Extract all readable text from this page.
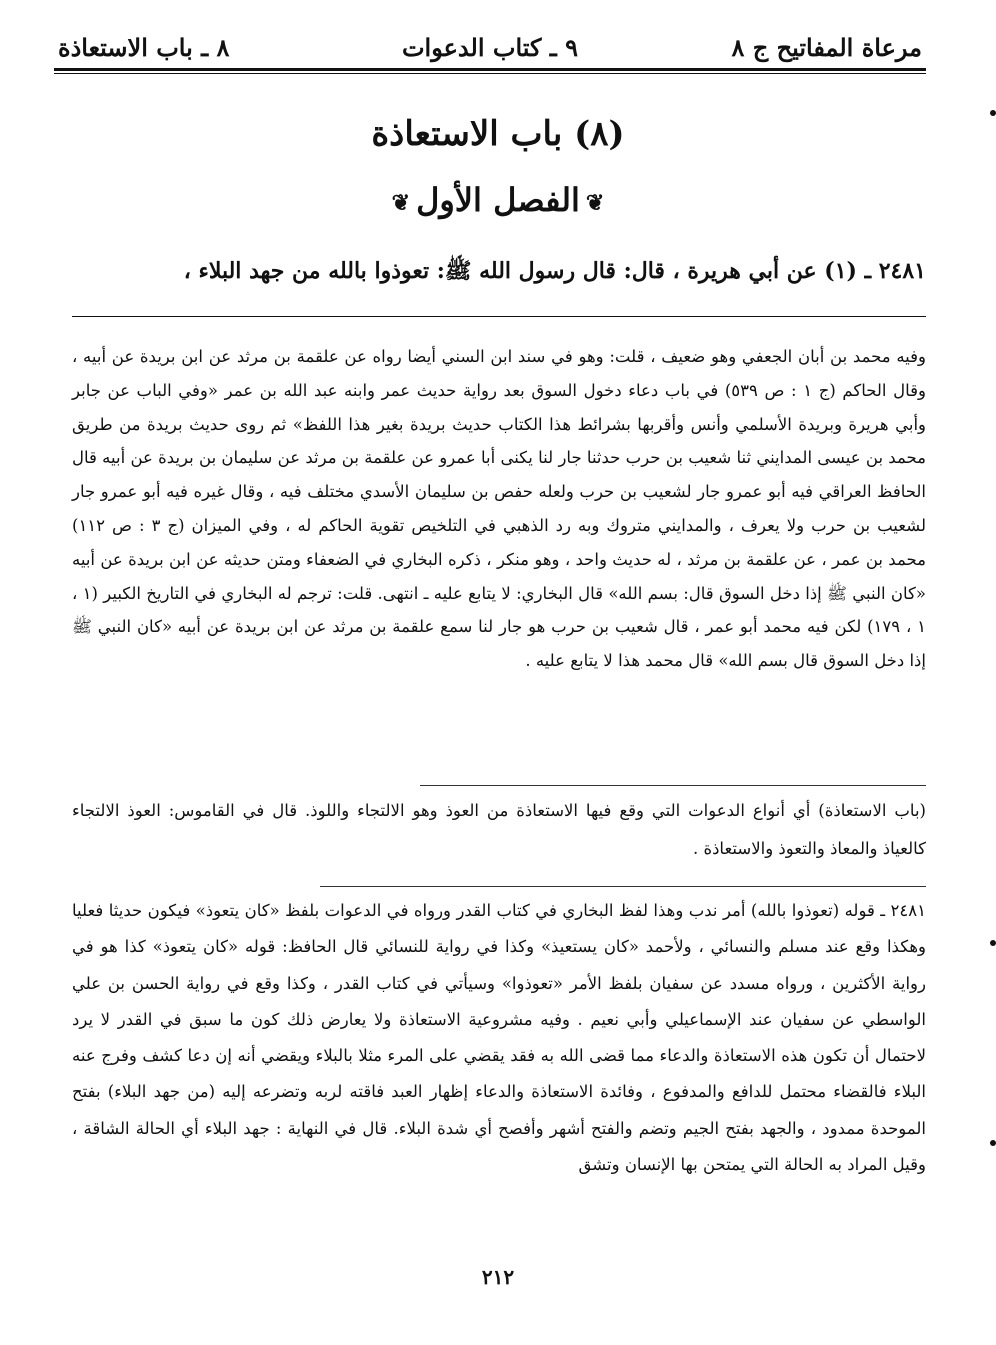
مرعاة المفاتيح ج ٨
٩ ـ كتاب الدعوات
٨ ـ باب الاستعاذة
(٨) باب الاستعاذة
❦الفصل الأول❦
٢٤٨١ ـ (١) عن أبي هريرة ، قال: قال رسول الله ﷺ: تعوذوا بالله من جهد البلاء ،
وفيه محمد بن أبان الجعفي وهو ضعيف ، قلت: وهو في سند ابن السني أيضا رواه عن علقمة بن مرثد عن ابن بريدة عن أبيه ، وقال الحاكم (ج ١ : ص ٥٣٩) في باب دعاء دخول السوق بعد رواية حديث عمر وابنه عبد الله بن عمر «وفي الباب عن جابر وأبي هريرة وبريدة الأسلمي وأنس وأقربها بشرائط هذا الكتاب حديث بريدة بغير هذا اللفظ» ثم روى حديث بريدة من طريق محمد بن عيسى المدايني ثنا شعيب بن حرب حدثنا جار لنا يكنى أبا عمرو عن علقمة بن مرثد عن سليمان بن بريدة عن أبيه قال الحافظ العراقي فيه أبو عمرو جار لشعيب بن حرب ولعله حفص بن سليمان الأسدي مختلف فيه ، وقال غيره فيه أبو عمرو جار لشعيب بن حرب ولا يعرف ، والمدايني متروك وبه رد الذهبي في التلخيص تقوية الحاكم له ، وفي الميزان (ج ٣ : ص ١١٢) محمد بن عمر ، عن علقمة بن مرثد ، له حديث واحد ، وهو منكر ، ذكره البخاري في الضعفاء ومتن حديثه عن ابن بريدة عن أبيه «كان النبي ﷺ إذا دخل السوق قال: بسم الله» قال البخاري: لا يتابع عليه ـ انتهى. قلت: ترجم له البخاري في التاريخ الكبير (١ ، ١ ، ١٧٩) لكن فيه محمد أبو عمر ، قال شعيب بن حرب هو جار لنا سمع علقمة بن مرثد عن ابن بريدة عن أبيه «كان النبي ﷺ إذا دخل السوق قال بسم الله» قال محمد هذا لا يتابع عليه .
(باب الاستعاذة) أي أنواع الدعوات التي وقع فيها الاستعاذة من العوذ وهو الالتجاء واللوذ. قال في القاموس: العوذ الالتجاء كالعياذ والمعاذ والتعوذ والاستعاذة .
٢٤٨١ ـ قوله (تعوذوا بالله) أمر ندب وهذا لفظ البخاري في كتاب القدر ورواه في الدعوات بلفظ «كان يتعوذ» فيكون حديثا فعليا وهكذا وقع عند مسلم والنسائي ، ولأحمد «كان يستعيذ» وكذا في رواية للنسائي قال الحافظ: قوله «كان يتعوذ» كذا هو في رواية الأكثرين ، ورواه مسدد عن سفيان بلفظ الأمر «تعوذوا» وسيأتي في كتاب القدر ، وكذا وقع في رواية الحسن بن علي الواسطي عن سفيان عند الإسماعيلي وأبي نعيم . وفيه مشروعية الاستعاذة ولا يعارض ذلك كون ما سبق في القدر لا يرد لاحتمال أن تكون هذه الاستعاذة والدعاء مما قضى الله به فقد يقضي على المرء مثلا بالبلاء ويقضي أنه إن دعا كشف وفرج عنه البلاء فالقضاء محتمل للدافع والمدفوع ، وفائدة الاستعاذة والدعاء إظهار العبد فاقته لربه وتضرعه إليه (من جهد البلاء) بفتح الموحدة ممدود ، والجهد بفتح الجيم وتضم والفتح أشهر وأفصح أي شدة البلاء. قال في النهاية : جهد البلاء أي الحالة الشاقة ، وقيل المراد به الحالة التي يمتحن بها الإنسان وتشق
٢١٢
